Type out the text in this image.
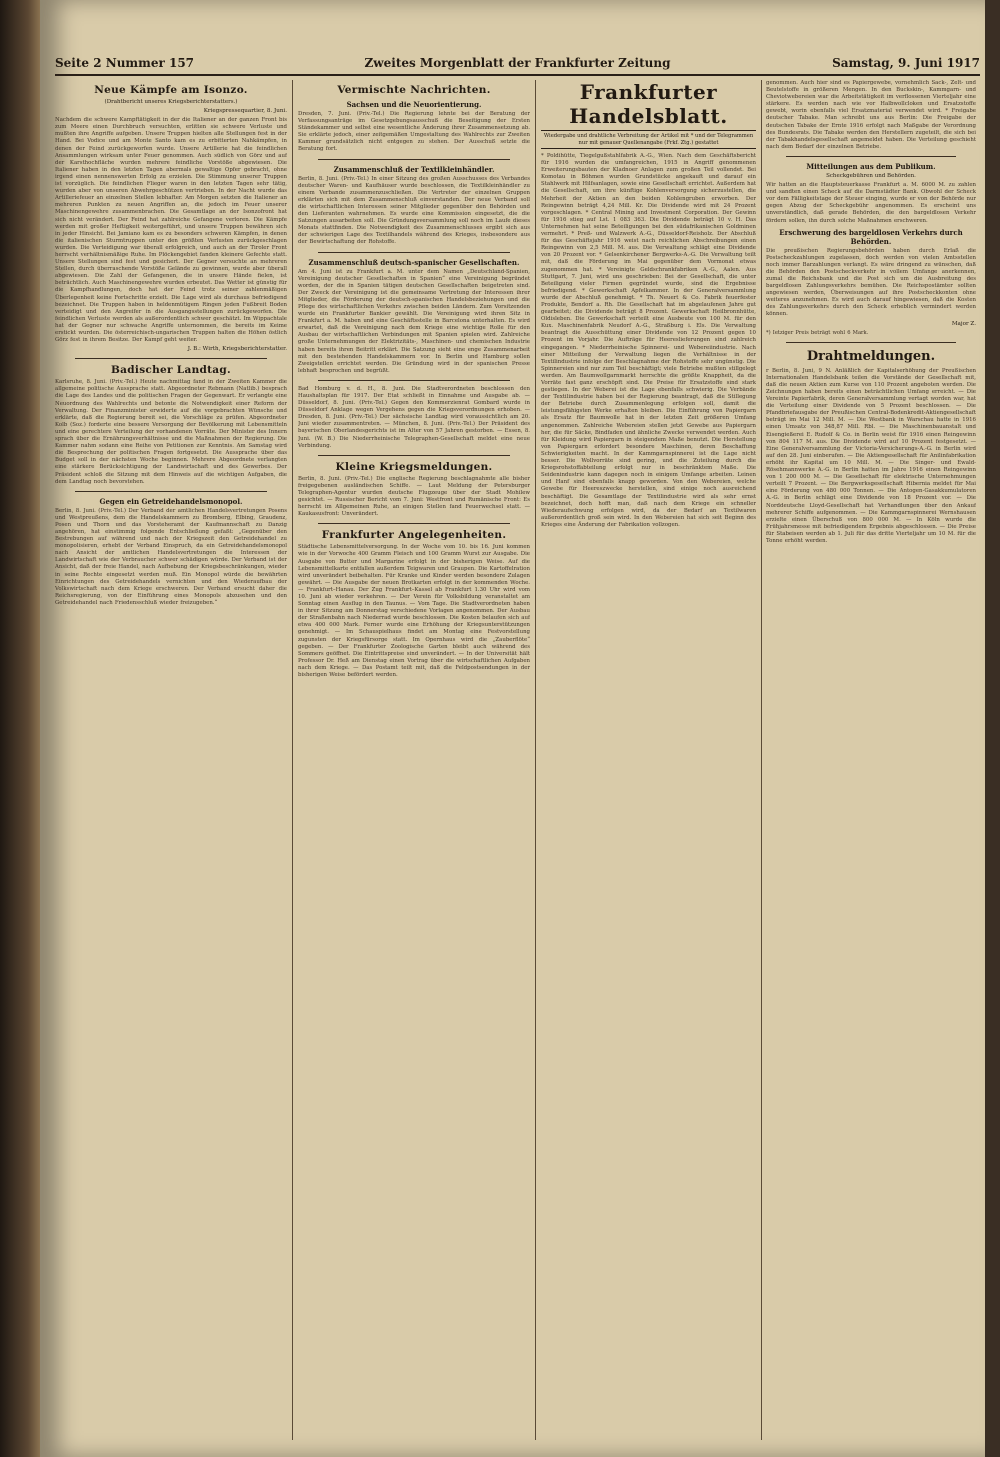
Seite 2 Nummer 157	Zweites Morgenblatt der Frankfurter Zeitung	Samstag, 9. Juni 1917
Neue Kämpfe am Isonzo.
(Drahtbericht unseres Kriegsberichterstatters.)
Kriegspressequartier, 8. Juni.
Nachdem die schwere Kampftätigkeit in der die Italiener an der ganzen Front bis zum Meere einen Durchbruch versuchten, erlitten sie schwere Verluste und mußten ihre Angriffe aufgeben. Unsere Truppen hielten alle Stellungen fest in der Hand. Bei Vodice und am Monte Santo kam es zu erbitterten Nahkämpfen, in denen der Feind zurückgeworfen wurde. Unsere Artillerie hat die feindlichen Ansammlungen wirksam unter Feuer genommen. Auch südlich von Görz und auf der Karsthochfläche wurden mehrere feindliche Vorstöße abgewiesen. Die Italiener haben in den letzten Tagen abermals gewaltige Opfer gebracht, ohne irgend einen nennenswerten Erfolg zu erzielen. Die Stimmung unserer Truppen ist vorzüglich. Die feindlichen Flieger waren in den letzten Tagen sehr tätig, wurden aber von unseren Abwehrgeschützen vertrieben. In der Nacht wurde das Artilleriefeuer an einzelnen Stellen lebhafter. Am Morgen setzten die Italiener an mehreren Punkten zu neuen Angriffen an, die jedoch im Feuer unserer Maschinengewehre zusammenbrachen. Die Gesamtlage an der Isonzofront hat sich nicht verändert. Der Feind hat zahlreiche Gefangene verloren. Die Kämpfe werden mit großer Heftigkeit weitergeführt, und unsere Truppen bewähren sich in jeder Hinsicht. Bei Jamiano kam es zu besonders schweren Kämpfen, in denen die italienischen Sturmtruppen unter den größten Verlusten zurückgeschlagen wurden. Die Verteidigung war überall erfolgreich, und auch an der Tiroler Front herrscht verhältnismäßige Ruhe. Im Plöckengebiet fanden kleinere Gefechte statt. Unsere Stellungen sind fest und gesichert. Der Gegner versuchte an mehreren Stellen, durch überraschende Vorstöße Gelände zu gewinnen, wurde aber überall abgewiesen. Die Zahl der Gefangenen, die in unsere Hände fielen, ist beträchtlich. Auch Maschinengewehre wurden erbeutet. Das Wetter ist günstig für die Kampfhandlungen, doch hat der Feind trotz seiner zahlenmäßigen Überlegenheit keine Fortschritte erzielt. Die Lage wird als durchaus befriedigend bezeichnet. Die Truppen haben in heldenmütigem Ringen jeden Fußbreit Boden verteidigt und den Angreifer in die Ausgangsstellungen zurückgeworfen. Die feindlichen Verluste werden als außerordentlich schwer geschätzt. Im Wippachtale hat der Gegner nur schwache Angriffe unternommen, die bereits im Keime erstickt wurden. Die österreichisch-ungarischen Truppen halten die Höhen östlich Görz fest in ihrem Besitze. Der Kampf geht weiter.
J. B.: Wirth, Kriegsberichterstatter.
Badischer Landtag.
Karlsruhe, 8. Juni. (Priv.-Tel.) Heute nachmittag fand in der Zweiten Kammer die allgemeine politische Aussprache statt. Abgeordneter Rebmann (Natlib.) besprach die Lage des Landes und die politischen Fragen der Gegenwart. Er verlangte eine Neuordnung des Wahlrechts und betonte die Notwendigkeit einer Reform der Verwaltung. Der Finanzminister erwiderte auf die vorgebrachten Wünsche und erklärte, daß die Regierung bereit sei, die Vorschläge zu prüfen. Abgeordneter Kolb (Soz.) forderte eine bessere Versorgung der Bevölkerung mit Lebensmitteln und eine gerechtere Verteilung der vorhandenen Vorräte. Der Minister des Innern sprach über die Ernährungsverhältnisse und die Maßnahmen der Regierung. Die Kammer nahm sodann eine Reihe von Petitionen zur Kenntnis. Am Samstag wird die Besprechung der politischen Fragen fortgesetzt. Die Aussprache über das Budget soll in der nächsten Woche beginnen. Mehrere Abgeordnete verlangten eine stärkere Berücksichtigung der Landwirtschaft und des Gewerbes. Der Präsident schloß die Sitzung mit dem Hinweis auf die wichtigen Aufgaben, die dem Landtag noch bevorstehen.
Gegen ein Getreidehandelsmonopol.
Berlin, 8. Juni. (Priv.-Tel.) Der Verband der amtlichen Handelsvertretungen Posens und Westpreußens, dem die Handelskammern zu Bromberg, Elbing, Graudenz, Posen und Thorn und das Vorsteheramt der Kaufmannschaft zu Danzig angehören, hat einstimmig folgende Entschließung gefaßt: „Gegenüber den Bestrebungen auf während und nach der Kriegszeit den Getreidehandel zu monopolisieren, erhebt der Verband Einspruch, da ein Getreidehandelsmonopol nach Ansicht der amtlichen Handelsvertretungen die Interessen der Landwirtschaft wie der Verbraucher schwer schädigen würde. Der Verband ist der Ansicht, daß der freie Handel, nach Aufhebung der Kriegsbeschränkungen, wieder in seine Rechte eingesetzt werden muß. Ein Monopol würde die bewährten Einrichtungen des Getreidehandels vernichten und den Wiederaufbau der Volkswirtschaft nach dem Kriege erschweren. Der Verband ersucht daher die Reichsregierung, von der Einführung eines Monopols abzusehen und den Getreidehandel nach Friedensschluß wieder freizugeben.“
Vermischte Nachrichten.
Sachsen und die Neuorientierung.
Dresden, 7. Juni. (Priv.-Tel.) Die Regierung lehnte bei der Beratung der Verfassungsanträge im Gesetzgebungsausschuß die Beseitigung der Ersten Ständekammer und selbst eine wesentliche Änderung ihrer Zusammensetzung ab. Sie erklärte jedoch, einer zeitgemäßen Umgestaltung des Wahlrechts zur Zweiten Kammer grundsätzlich nicht entgegen zu stehen. Der Ausschuß setzte die Beratung fort.
Zusammenschluß der Textilkleinhändler.
Berlin, 8. Juni. (Priv.-Tel.) In einer Sitzung des großen Ausschusses des Verbandes deutscher Waren- und Kaufhäuser wurde beschlossen, die Textilkleinhändler zu einem Verbande zusammenzuschließen. Die Vertreter der einzelnen Gruppen erklärten sich mit dem Zusammenschluß einverstanden. Der neue Verband soll die wirtschaftlichen Interessen seiner Mitglieder gegenüber den Behörden und den Lieferanten wahrnehmen. Es wurde eine Kommission eingesetzt, die die Satzungen ausarbeiten soll. Die Gründungsversammlung soll noch im Laufe dieses Monats stattfinden. Die Notwendigkeit des Zusammenschlusses ergibt sich aus der schwierigen Lage des Textilhandels während des Krieges, insbesondere aus der Bewirtschaftung der Rohstoffe.
Zusammenschluß deutsch-spanischer Gesellschaften.
Am 4. Juni ist zu Frankfurt a. M. unter dem Namen „Deutschland-Spanien, Vereinigung deutscher Gesellschaften in Spanien“ eine Vereinigung begründet worden, der die in Spanien tätigen deutschen Gesellschaften beigetreten sind. Der Zweck der Vereinigung ist die gemeinsame Vertretung der Interessen ihrer Mitglieder, die Förderung der deutsch-spanischen Handelsbeziehungen und die Pflege des wirtschaftlichen Verkehrs zwischen beiden Ländern. Zum Vorsitzenden wurde ein Frankfurter Bankier gewählt. Die Vereinigung wird ihren Sitz in Frankfurt a. M. haben und eine Geschäftsstelle in Barcelona unterhalten. Es wird erwartet, daß die Vereinigung nach dem Kriege eine wichtige Rolle für den Ausbau der wirtschaftlichen Verbindungen mit Spanien spielen wird. Zahlreiche große Unternehmungen der Elektrizitäts-, Maschinen- und chemischen Industrie haben bereits ihren Beitritt erklärt. Die Satzung sieht eine enge Zusammenarbeit mit den bestehenden Handelskammern vor. In Berlin und Hamburg sollen Zweigstellen errichtet werden. Die Gründung wird in der spanischen Presse lebhaft besprochen und begrüßt.
Bad Homburg v. d. H., 8. Juni. Die Stadtverordneten beschlossen den Haushaltsplan für 1917. Der Etat schließt in Einnahme und Ausgabe ab. — Düsseldorf, 8. Juni. (Priv.-Tel.) Gegen den Kommerzienrat Gombard wurde in Düsseldorf Anklage wegen Vergehens gegen die Kriegsverordnungen erhoben. — Dresden, 8. Juni. (Priv.-Tel.) Der sächsische Landtag wird voraussichtlich am 20. Juni wieder zusammentreten. — München, 8. Juni. (Priv.-Tel.) Der Präsident des bayerischen Oberlandesgerichts ist im Alter von 57 Jahren gestorben. — Essen, 8. Juni. (W. B.) Die Niederrheinische Telegraphen-Gesellschaft meldet eine neue Verbindung.
Kleine Kriegsmeldungen.
Berlin, 8. Juni. (Priv.-Tel.) Die englische Regierung beschlagnahmte alle bisher freigegebenen ausländischen Schiffe. — Laut Meldung der Petersburger Telegraphen-Agentur wurden deutsche Flugzeuge über der Stadt Mohilew gesichtet. — Russischer Bericht vom 7. Juni: Westfront und Rumänische Front: Es herrscht im Allgemeinen Ruhe, an einigen Stellen fand Feuerwechsel statt. — Kaukasusfront: Unverändert.
Frankfurter Angelegenheiten.
Städtische Lebensmittelversorgung. In der Woche vom 10. bis 16. Juni kommen wie in der Vorwoche 400 Gramm Fleisch und 100 Gramm Wurst zur Ausgabe. Die Ausgabe von Butter und Margarine erfolgt in der bisherigen Weise. Auf die Lebensmittelkarte entfallen außerdem Teigwaren und Graupen. Die Kartoffelration wird unverändert beibehalten. Für Kranke und Kinder werden besondere Zulagen gewährt. — Die Ausgabe der neuen Brotkarten erfolgt in der kommenden Woche. — Frankfurt–Hanau. Der Zug Frankfurt–Kassel ab Frankfurt 1.30 Uhr wird vom 10. Juni ab wieder verkehren. — Der Verein für Volksbildung veranstaltet am Sonntag einen Ausflug in den Taunus. — Vom Tage. Die Stadtverordneten haben in ihrer Sitzung am Donnerstag verschiedene Vorlagen angenommen. Der Ausbau der Straßenbahn nach Niederrad wurde beschlossen. Die Kosten belaufen sich auf etwa 400 000 Mark. Ferner wurde eine Erhöhung der Kriegsunterstützungen genehmigt. — Im Schauspielhaus findet am Montag eine Festvorstellung zugunsten der Kriegsfürsorge statt. Im Opernhaus wird die „Zauberflöte“ gegeben. — Der Frankfurter Zoologische Garten bleibt auch während des Sommers geöffnet. Die Eintrittspreise sind unverändert. — In der Universität hält Professor Dr. Heß am Dienstag einen Vortrag über die wirtschaftlichen Aufgaben nach dem Kriege. — Das Postamt teilt mit, daß die Feldpostsendungen in der bisherigen Weise befördert werden.
Frankfurter Handelsblatt.
Wiedergabe und drahtliche Verbreitung der Artikel mit * und der Telegrammen nur mit genauer Quellenangabe (Frkf. Ztg.) gestattet
* Poldihütte, Tiegelgußstahlfabrik A.-G., Wien. Nach dem Geschäftsbericht für 1916 wurden die umfangreichen, 1915 in Angriff genommenen Erweiterungsbauten der Kladnoer Anlagen zum großen Teil vollendet. Bei Komotau in Böhmen wurden Grundstücke angekauft und darauf ein Stahlwerk mit Hilfsanlagen, sowie eine Gesellschaft errichtet. Außerdem hat die Gesellschaft, um ihre künftige Kohlenversorgung sicherzustellen, die Mehrheit der Aktien an den beiden Kohlengruben erworben. Der Reingewinn beträgt 4,24 Mill. Kr. Die Dividende wird mit 24 Prozent vorgeschlagen. * Central Mining and Investment Corporation. Der Gewinn für 1916 stieg auf Lst. 1 083 363. Die Dividende beträgt 10 v. H. Das Unternehmen hat seine Beteiligungen bei den südafrikanischen Goldminen vermehrt. * Preß- und Walzwerk A.-G., Düsseldorf-Reisholz. Der Abschluß für das Geschäftsjahr 1916 weist nach reichlichen Abschreibungen einen Reingewinn von 2,5 Mill. M. aus. Die Verwaltung schlägt eine Dividende von 20 Prozent vor. * Gelsenkirchener Bergwerks-A.-G. Die Verwaltung teilt mit, daß die Förderung im Mai gegenüber dem Vormonat etwas zugenommen hat. * Vereinigte Geldschrankfabriken A.-G., Aalen. Aus Stuttgart, 7. Juni, wird uns geschrieben: Bei der Gesellschaft, die unter Beteiligung vieler Firmen gegründet wurde, sind die Ergebnisse befriedigend. * Gewerkschaft Apfelkammer. In der Generalversammlung wurde der Abschluß genehmigt. * Th. Neuert & Co. Fabrik feuerfester Produkte, Bendorf a. Rh. Die Gesellschaft hat im abgelaufenen Jahre gut gearbeitet; die Dividende beträgt 8 Prozent. Gewerkschaft Heilbronnhütte, Oldisleben. Die Gewerkschaft verteilt eine Ausbeute von 100 M. für den Kux. Maschinenfabrik Neudorf A.-G., Straßburg i. Els. Die Verwaltung beantragt die Ausschüttung einer Dividende von 12 Prozent gegen 10 Prozent im Vorjahr. Die Aufträge für Heereslieferungen sind zahlreich eingegangen. * Niederrheinische Spinnerei- und Webereiindustrie. Nach einer Mitteilung der Verwaltung liegen die Verhältnisse in der Textilindustrie infolge der Beschlagnahme der Rohstoffe sehr ungünstig. Die Spinnereien sind nur zum Teil beschäftigt; viele Betriebe mußten stillgelegt werden. Am Baumwollgarnmarkt herrschte die größte Knappheit, da die Vorräte fast ganz erschöpft sind. Die Preise für Ersatzstoffe sind stark gestiegen. In der Weberei ist die Lage ebenfalls schwierig. Die Verbände der Textilindustrie haben bei der Regierung beantragt, daß die Stillegung der Betriebe durch Zusammenlegung erfolgen soll, damit die leistungsfähigsten Werke erhalten bleiben. Die Einführung von Papiergarn als Ersatz für Baumwolle hat in der letzten Zeit größeren Umfang angenommen. Zahlreiche Webereien stellen jetzt Gewebe aus Papiergarn her, die für Säcke, Bindfaden und ähnliche Zwecke verwendet werden. Auch für Kleidung wird Papiergarn in steigendem Maße benutzt. Die Herstellung von Papiergarn erfordert besondere Maschinen, deren Beschaffung Schwierigkeiten macht. In der Kammgarnspinnerei ist die Lage nicht besser. Die Wollvorräte sind gering, und die Zuteilung durch die Kriegsrohstoffabteilung erfolgt nur in beschränktem Maße. Die Seidenindustrie kann dagegen noch in einigem Umfange arbeiten. Leinen und Hanf sind ebenfalls knapp geworden. Von den Webereien, welche Gewebe für Heereszwecke herstellen, sind einige noch ausreichend beschäftigt. Die Gesamtlage der Textilindustrie wird als sehr ernst bezeichnet, doch hofft man, daß nach dem Kriege ein schneller Wiederaufschwung erfolgen wird, da der Bedarf an Textilwaren außerordentlich groß sein wird. In den Webereien hat sich seit Beginn des Krieges eine Änderung der Fabrikation vollzogen.
genommen. Auch hier sind es Papiergewebe, vornehmlich Sack-, Zelt- und Beutelstoffe in größeren Mengen. In den Buckskin-, Kammgarn- und Cheviotwebereien war die Arbeitstätigkeit im verflossenen Vierteljahr eine stärkere. Es werden nach wie vor Halbwollcloken und Ersatzstoffe gewebt, worin ebenfalls viel Ersatzmaterial verwendet wird. * Freigabe deutscher Tabake. Man schreibt uns aus Berlin: Die Freigabe der deutschen Tabake der Ernte 1916 erfolgt nach Maßgabe der Verordnung des Bundesrats. Die Tabake werden den Herstellern zugeteilt, die sich bei der Tabakhandelsgesellschaft angemeldet haben. Die Verteilung geschieht nach dem Bedarf der einzelnen Betriebe.
Mitteilungen aus dem Publikum.
Scheckgebühren und Behörden.
Wir hatten an die Hauptsteuerkasse Frankfurt a. M. 6000 M. zu zahlen und sandten einen Scheck auf die Darmstädter Bank. Obwohl der Scheck vor dem Fälligkeitstage der Steuer einging, wurde er von der Behörde nur gegen Abzug der Scheckgebühr angenommen. Es erscheint uns unverständlich, daß gerade Behörden, die den bargeldlosen Verkehr fördern sollen, ihn durch solche Maßnahmen erschweren.
Erschwerung des bargeldlosen Verkehrs durch Behörden.
Die preußischen Regierungsbehörden haben durch Erlaß die Postscheckzahlungen zugelassen, doch werden von vielen Amtsstellen noch immer Barzahlungen verlangt. Es wäre dringend zu wünschen, daß die Behörden den Postscheckverkehr in vollem Umfange anerkennen, zumal die Reichsbank und die Post sich um die Ausbreitung des bargeldlosen Zahlungsverkehrs bemühen. Die Reichspostämter sollten angewiesen werden, Überweisungen auf ihre Postscheckkonten ohne weiteres anzunehmen. Es wird auch darauf hingewiesen, daß die Kosten des Zahlungsverkehrs durch den Scheck erheblich vermindert werden können.
Major Z.
*) Ietziger Preis beträgt wohl 6 Mark.
Drahtmeldungen.
r Berlin, 8. Juni, 9 N. Anläßlich der Kapitalserhöhung der Preußischen Internationalen Handelsbank teilen die Vorstände der Gesellschaft mit, daß die neuen Aktien zum Kurse von 110 Prozent angeboten werden. Die Zeichnungen haben bereits einen beträchtlichen Umfang erreicht. — Die Vereinte Papierfabrik, deren Generalversammlung vertagt worden war, hat die Verteilung einer Dividende von 5 Prozent beschlossen. — Die Pfandbriefausgabe der Preußischen Central-Bodenkredit-Aktiengesellschaft beträgt im Mai 12 Mill. M. — Die Westbank in Warschau hatte in 1916 einen Umsatz von 348,87 Mill. Rbl. — Die Maschinenbauanstalt und Eisengießerei E. Rudolf & Co. in Berlin weist für 1916 einen Reingewinn von 804 117 M. aus. Die Dividende wird auf 10 Prozent festgesetzt. — Eine Generalversammlung der Victoria-Versicherungs-A.-G. in Berlin wird auf den 28. Juni einberufen. — Die Aktiengesellschaft für Anilinfabrikation erhöht ihr Kapital um 10 Mill. M. — Die Singer- und Ewald-Rösehmannwerke A.-G. in Berlin hatten im Jahre 1916 einen Reingewinn von 1 200 000 M. — Die Gesellschaft für elektrische Unternehmungen verteilt 7 Prozent. — Die Bergwerksgesellschaft Hibernia meldet für Mai eine Förderung von 480 000 Tonnen. — Die Antogen-Gasakkumulatoren A.-G. in Berlin schlägt eine Dividende von 18 Prozent vor. — Die Norddeutsche Lloyd-Gesellschaft hat Verhandlungen über den Ankauf mehrerer Schiffe aufgenommen. — Die Kammgarnspinnerei Wernshausen erzielte einen Überschuß von 800 000 M. — In Köln wurde die Frühjahrsmesse mit befriedigendem Ergebnis abgeschlossen. — Die Preise für Stabeisen werden ab 1. Juli für das dritte Vierteljahr um 10 M. für die Tonne erhöht werden.
